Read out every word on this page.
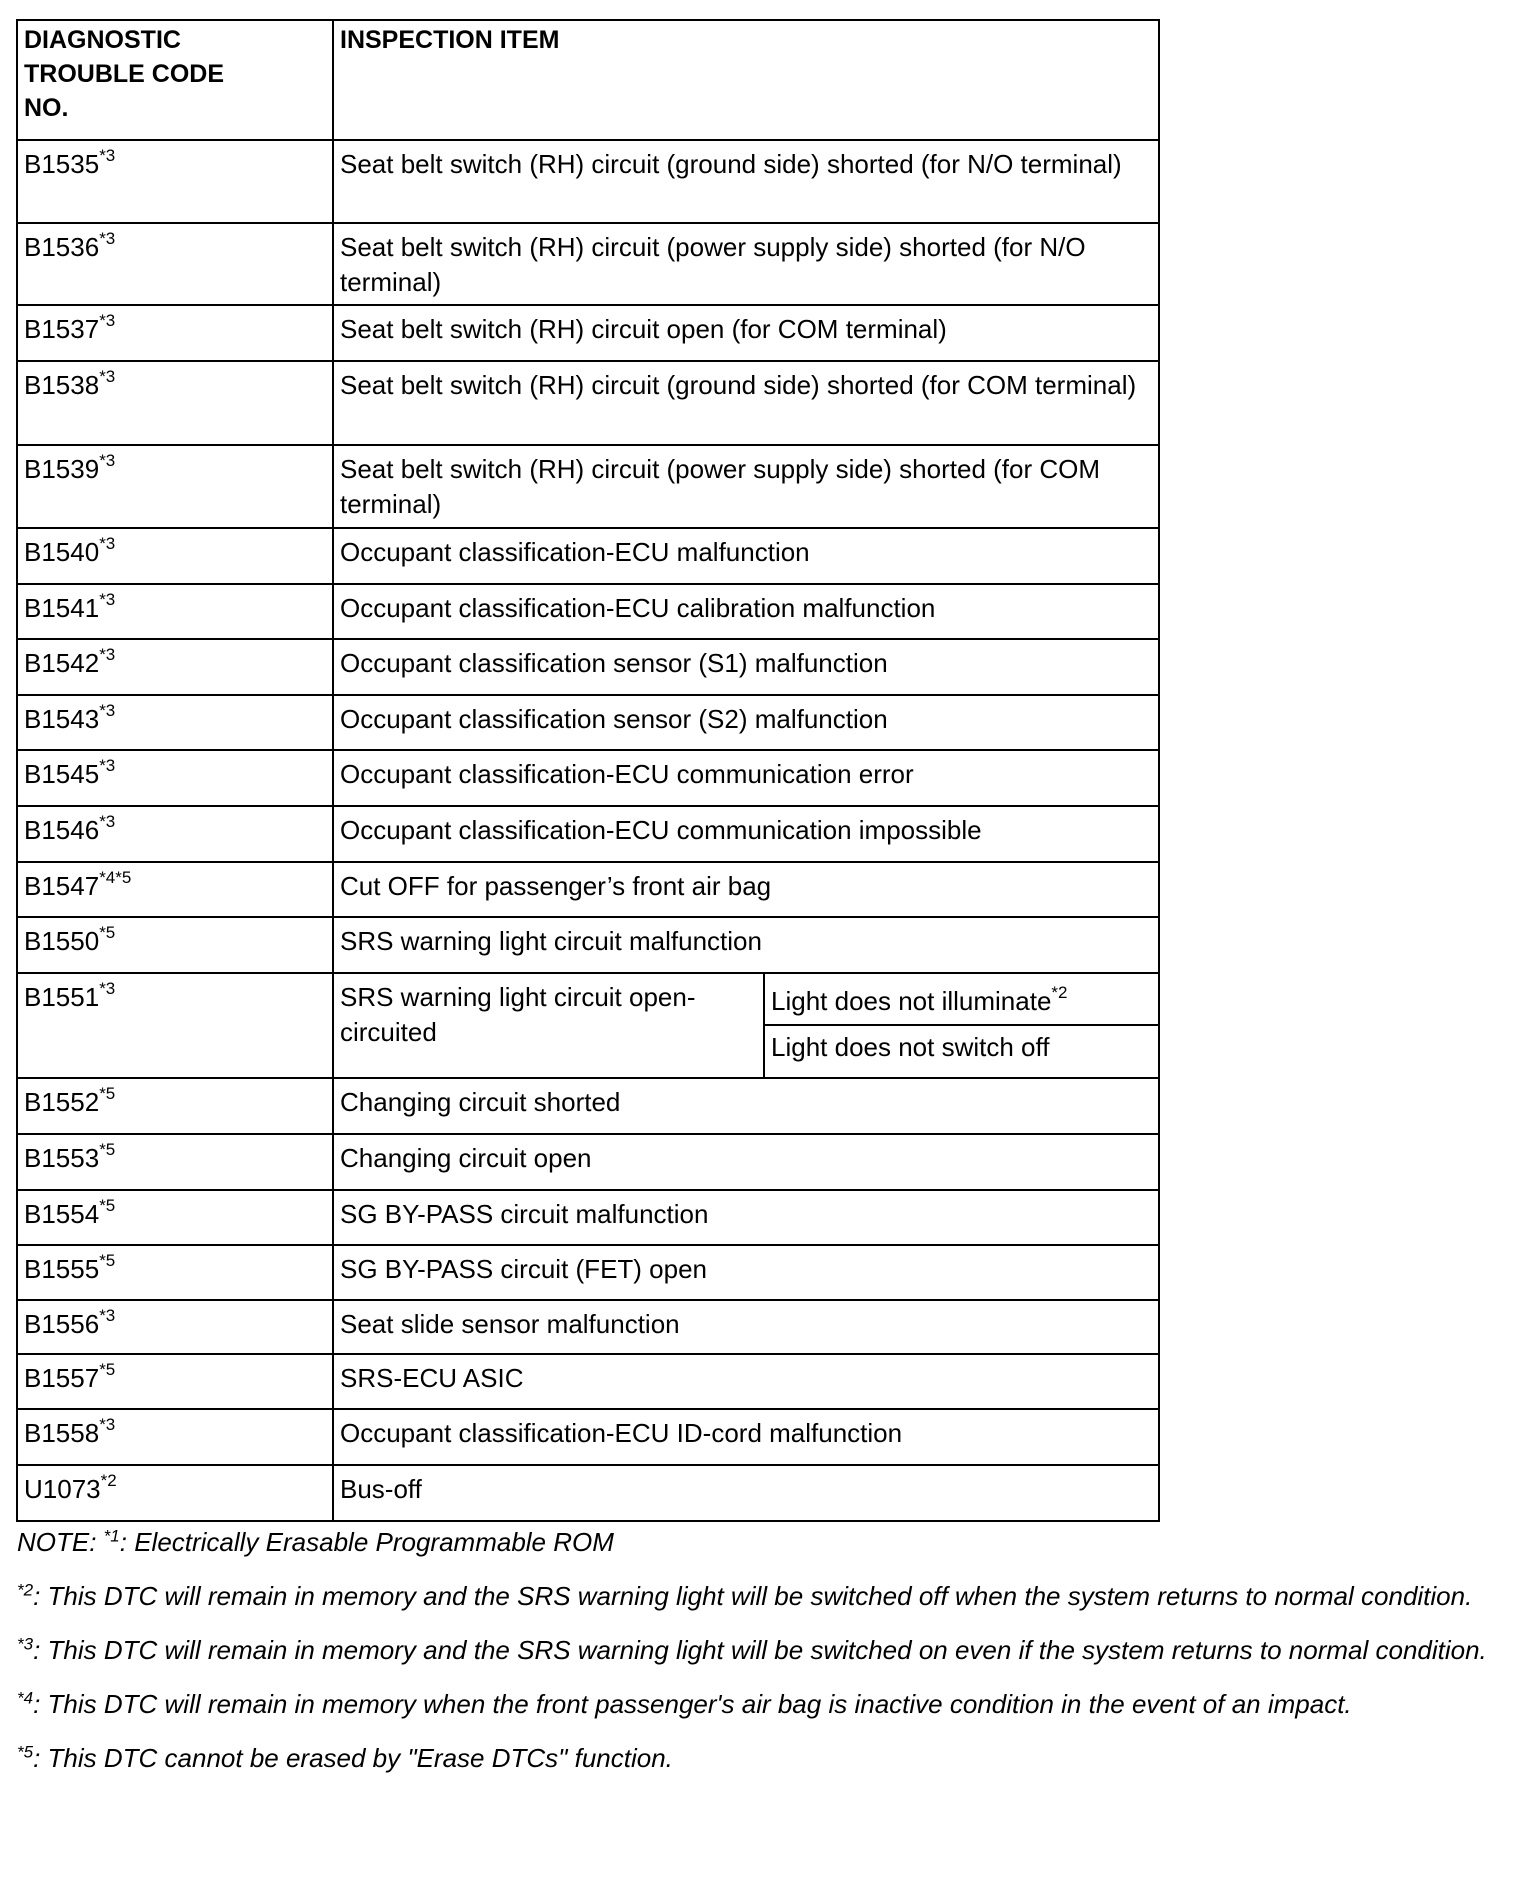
DIAGNOSTIC TROUBLE CODE NO.	INSPECTION ITEM	
B1535$^{*3}$	Seat belt switch (RH) circuit (ground side) shorted (for N/O terminal)	
B1536$^{*3}$	Seat belt switch (RH) circuit (power supply side) shorted (for N/O terminal)	
B1537$^{*3}$	Seat belt switch (RH) circuit open (for COM terminal)	
B1538$^{*3}$	Seat belt switch (RH) circuit (ground side) shorted (for COM terminal)	
B1539$^{*3}$	Seat belt switch (RH) circuit (power supply side) shorted (for COM terminal)	
B1540$^{*3}$	Occupant classification-ECU malfunction	
B1541$^{*3}$	Occupant classification-ECU calibration malfunction	
B1542$^{*3}$	Occupant classification sensor (S1) malfunction	
B1543$^{*3}$	Occupant classification sensor (S2) malfunction	
B1545$^{*3}$	Occupant classification-ECU communication error	
B1546$^{*3}$	Occupant classification-ECU communication impossible	
$B1547^{*4*5}$	Cut OFF for passenger’s front air bag	
B1550$^{*5}$	SRS warning light circuit malfunction	
B1551$^{*3}$	SRS warning light circuit open-circuited	Light does not illuminate$^{*2}$
		Light does not switch off
B1552$^{*5}$	Changing circuit shorted	
B1553$^{*5}$	Changing circuit open	
B1554$^{*5}$	SG BY-PASS circuit malfunction	
B1555$^{*5}$	SG BY-PASS circuit (FET) open	
B1556$^{*3}$	Seat slide sensor malfunction	
B1557$^{*5}$	SRS-ECU ASIC	
B1558$^{*3}$	Occupant classification-ECU ID-cord malfunction	
U1073$^{*2}$	Bus-off	

NOTE: $^{*1}$: Electrically Erasable Programmable ROM

$^{*2}$: This DTC will remain in memory and the SRS warning light will be switched off when the system returns to normal condition.

$^{*3}$: This DTC will remain in memory and the SRS warning light will be switched on even if the system returns to normal condition.

$^{*4}$: This DTC will remain in memory when the front passenger's air bag is inactive condition in the event of an impact.

$^{*5}$: This DTC cannot be erased by "Erase DTCs" function.
